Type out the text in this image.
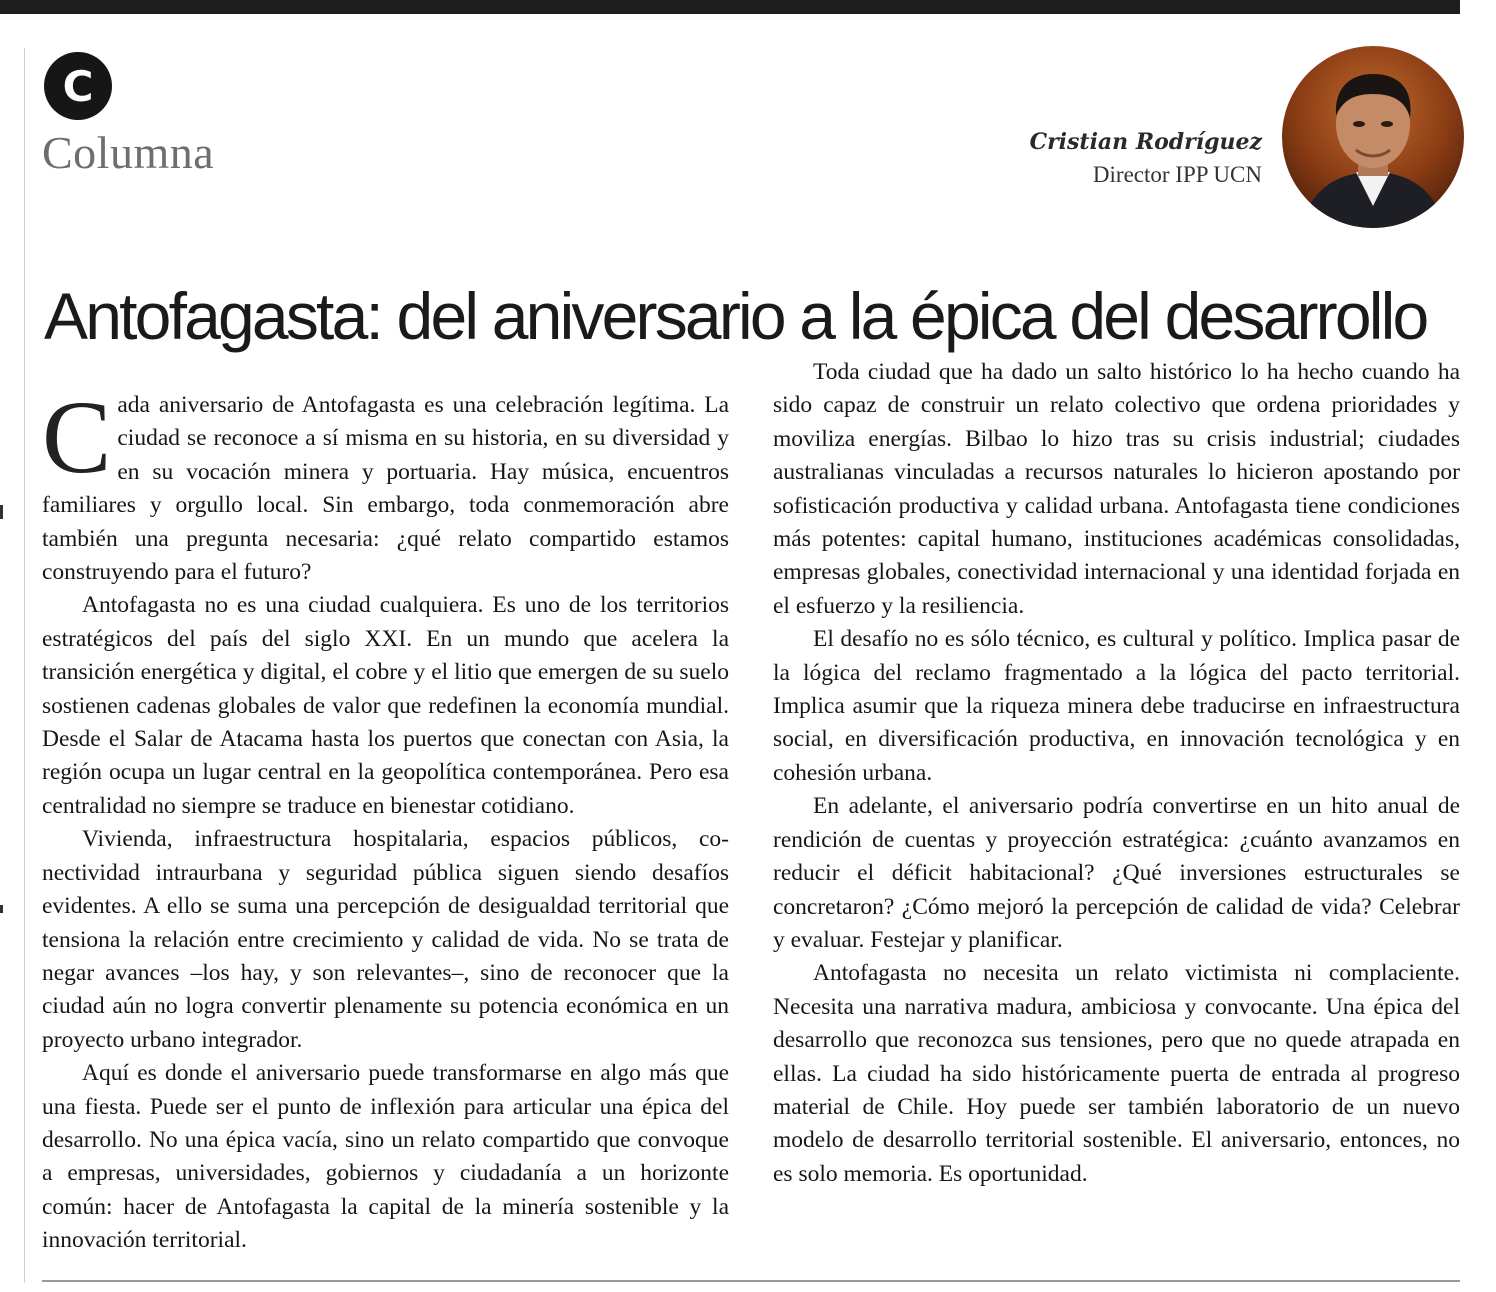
C
Columna	Cristian Rodríguez
Director IPP UCN
Antofagasta: del aniversario a la épica del desarrollo

Cada aniversario de Antofagasta es una celebración legítima. La ciudad se reconoce a sí misma en su historia, en su diversidad y en su vocación minera y portuaria. Hay música, encuentros familiares y orgullo local. Sin embargo, toda conmemoración abre también una pregunta necesaria: ¿qué relato compartido estamos construyendo para el futuro?

Antofagasta no es una ciudad cualquiera. Es uno de los territorios estratégicos del país del siglo XXI. En un mundo que acelera la transición energética y digital, el cobre y el litio que emergen de su suelo sostienen cadenas globales de valor que redefinen la economía mundial. Desde el Salar de Atacama hasta los puertos que conectan con Asia, la región ocupa un lugar central en la geopolítica contemporánea. Pero esa centralidad no siempre se traduce en bienestar cotidiano.

Vivienda, infraestructura hospitalaria, espacios públicos, conectividad intraurbana y seguridad pública siguen siendo desafíos evidentes. A ello se suma una percepción de desigualdad territorial que tensiona la relación entre crecimiento y calidad de vida. No se trata de negar avances –los hay, y son relevantes–, sino de reconocer que la ciudad aún no logra convertir plenamente su potencia económica en un proyecto urbano integrador.

Aquí es donde el aniversario puede transformarse en algo más que una fiesta. Puede ser el punto de inflexión para articular una épica del desarrollo. No una épica vacía, sino un relato compartido que convoque a empresas, universidades, gobiernos y ciudadanía a un horizonte común: hacer de Antofagasta la capital de la minería sostenible y la innovación territorial.

Toda ciudad que ha dado un salto histórico lo ha hecho cuando ha sido capaz de construir un relato colectivo que ordena prioridades y moviliza energías. Bilbao lo hizo tras su crisis industrial; ciudades australianas vinculadas a recursos naturales lo hicieron apostando por sofisticación productiva y calidad urbana. Antofagasta tiene condiciones más potentes: capital humano, instituciones académicas consolidadas, empresas globales, conectividad internacional y una identidad forjada en el esfuerzo y la resiliencia.

El desafío no es sólo técnico, es cultural y político. Implica pasar de la lógica del reclamo fragmentado a la lógica del pacto territorial. Implica asumir que la riqueza minera debe traducirse en infraestructura social, en diversificación productiva, en innovación tecnológica y en cohesión urbana.

En adelante, el aniversario podría convertirse en un hito anual de rendición de cuentas y proyección estratégica: ¿cuánto avanzamos en reducir el déficit habitacional? ¿Qué inversiones estructurales se concretaron? ¿Cómo mejoró la percepción de calidad de vida? Celebrar y evaluar. Festejar y planificar.

Antofagasta no necesita un relato victimista ni complaciente. Necesita una narrativa madura, ambiciosa y convocante. Una épica del desarrollo que reconozca sus tensiones, pero que no quede atrapada en ellas. La ciudad ha sido históricamente puerta de entrada al progreso material de Chile. Hoy puede ser también laboratorio de un nuevo modelo de desarrollo territorial sostenible. El aniversario, entonces, no es solo memoria. Es oportunidad.
